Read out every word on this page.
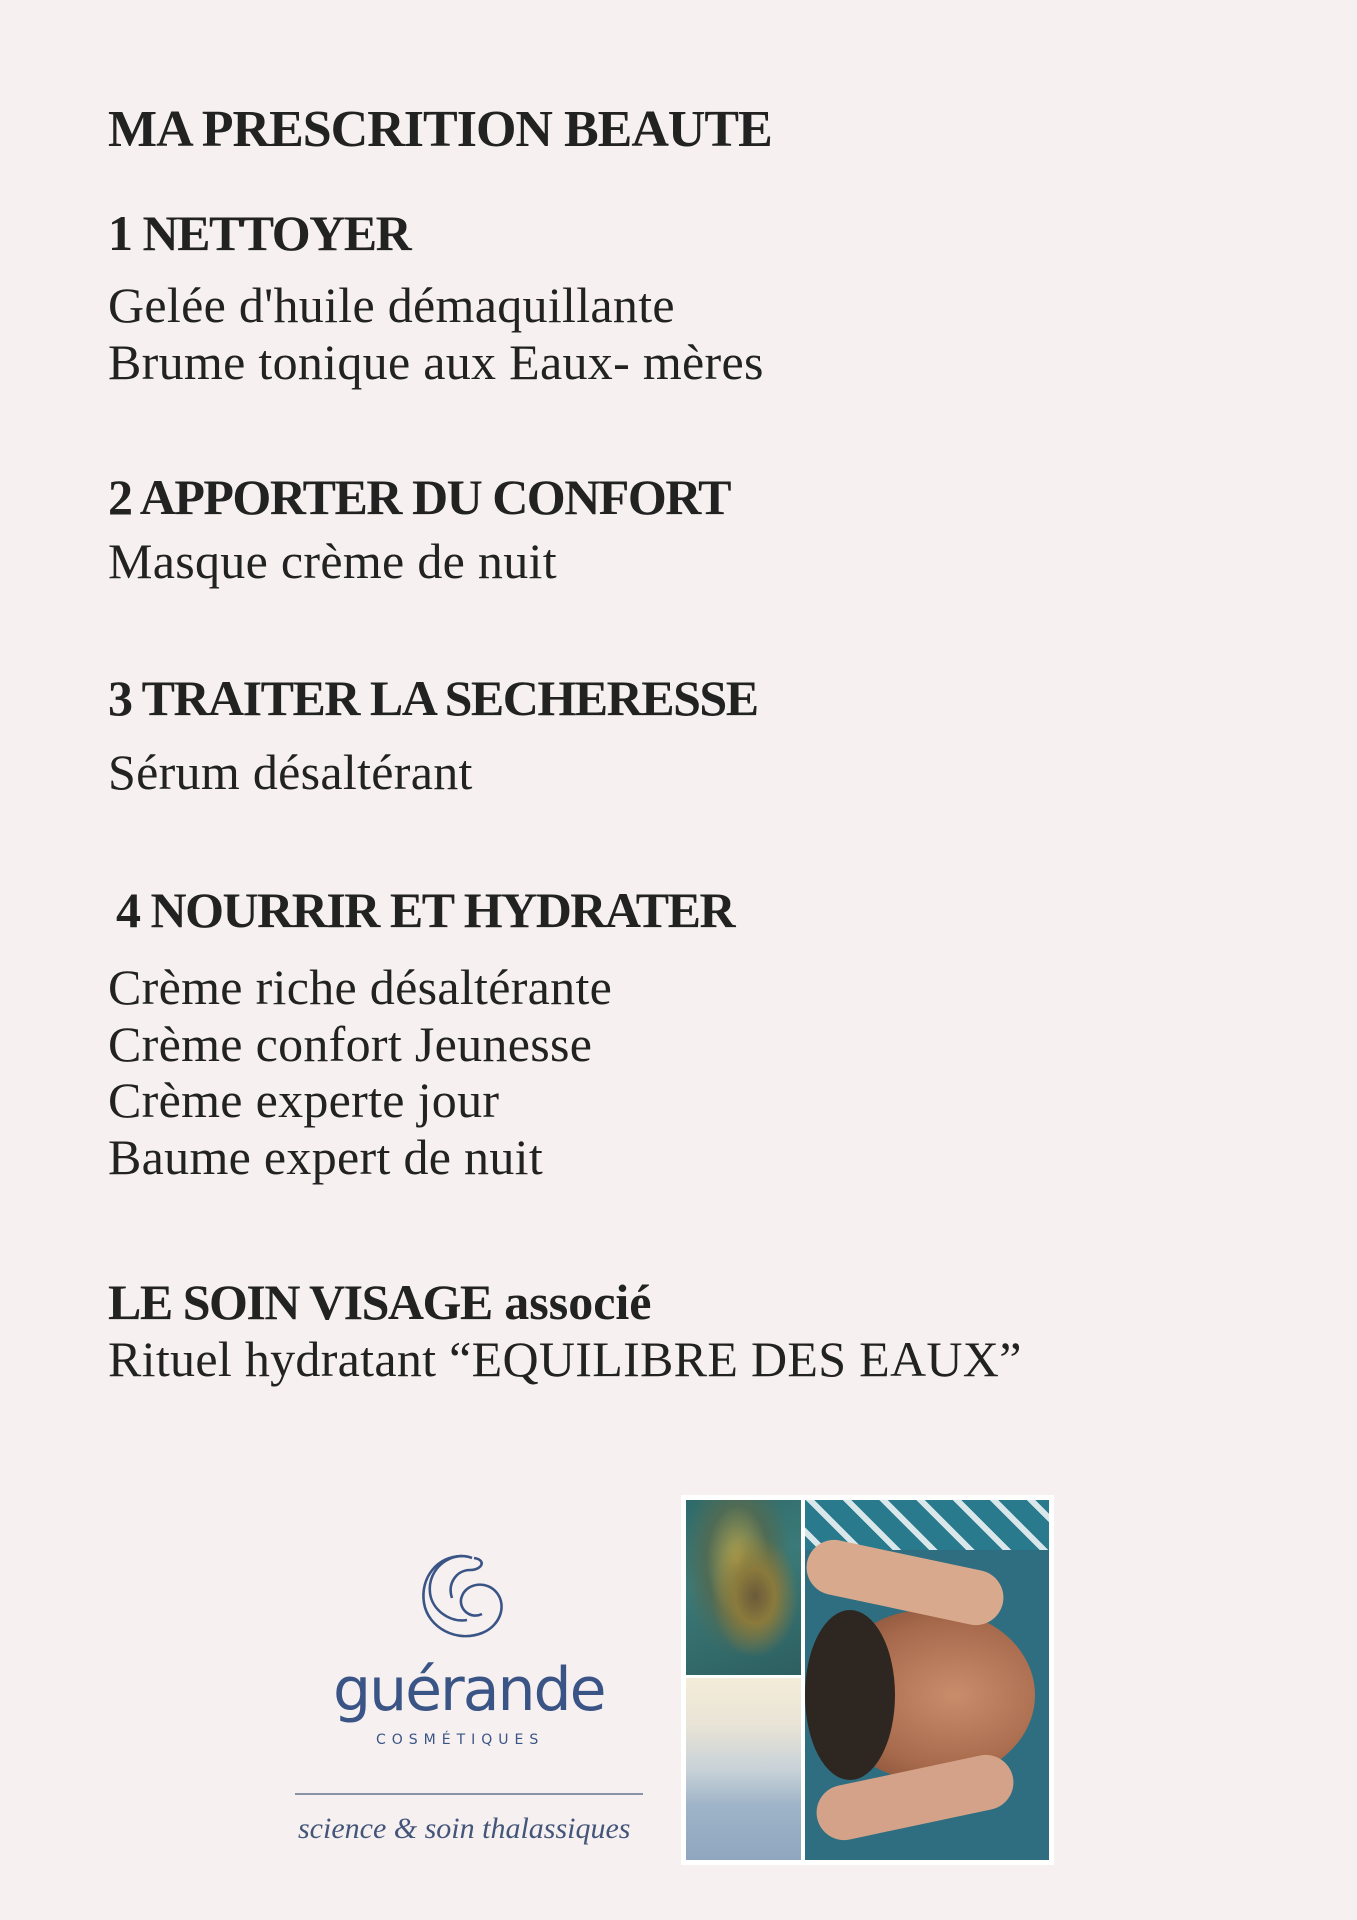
MA PRESCRITION BEAUTE
1 NETTOYER
Gelée d'huile démaquillante
Brume tonique aux Eaux- mères
2 APPORTER DU CONFORT
Masque crème de nuit
3 TRAITER LA SECHERESSE
Sérum désaltérant
4 NOURRIR ET HYDRATER
Crème riche désaltérante
Crème confort Jeunesse
Crème experte jour
Baume expert de nuit
LE SOIN VISAGE associé
Rituel hydratant “EQUILIBRE DES EAUX”
guérande
COSMÉTIQUES
science & soin thalassiques
